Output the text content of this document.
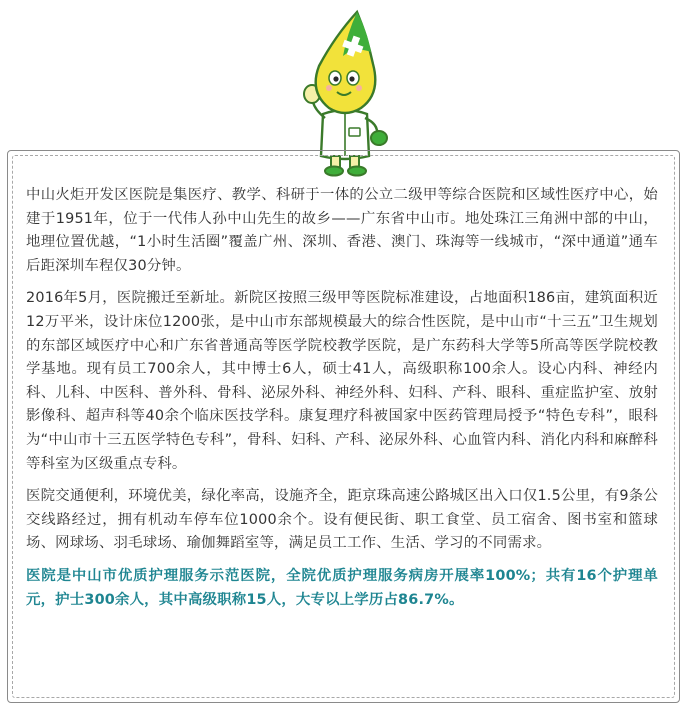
中山火炬开发区医院是集医疗、教学、科研于一体的公立二级甲等综合医院和区域性医疗中心，始建于1951年，位于一代伟人孙中山先生的故乡——广东省中山市。地处珠江三角洲中部的中山，地理位置优越，“1小时生活圈”覆盖广州、深圳、香港、澳门、珠海等一线城市，“深中通道”通车后距深圳车程仅30分钟。

2016年5月，医院搬迁至新址。新院区按照三级甲等医院标准建设，占地面积186亩，建筑面积近12万平米，设计床位1200张，是中山市东部规模最大的综合性医院，是中山市“十三五”卫生规划的东部区域医疗中心和广东省普通高等医学院校教学医院，是广东药科大学等5所高等医学院校教学基地。现有员工700余人，其中博士6人，硕士41人，高级职称100余人。设心内科、神经内科、儿科、中医科、普外科、骨科、泌尿外科、神经外科、妇科、产科、眼科、重症监护室、放射影像科、超声科等40余个临床医技学科。康复理疗科被国家中医药管理局授予“特色专科”，眼科为“中山市十三五医学特色专科”，骨科、妇科、产科、泌尿外科、心血管内科、消化内科和麻醉科等科室为区级重点专科。

医院交通便利，环境优美，绿化率高，设施齐全，距京珠高速公路城区出入口仅1.5公里，有9条公交线路经过，拥有机动车停车位1000余个。设有便民街、职工食堂、员工宿舍、图书室和篮球场、网球场、羽毛球场、瑜伽舞蹈室等，满足员工工作、生活、学习的不同需求。

医院是中山市优质护理服务示范医院，全院优质护理服务病房开展率100%；共有16个护理单元，护士300余人，其中高级职称15人，大专以上学历占86.7%。
